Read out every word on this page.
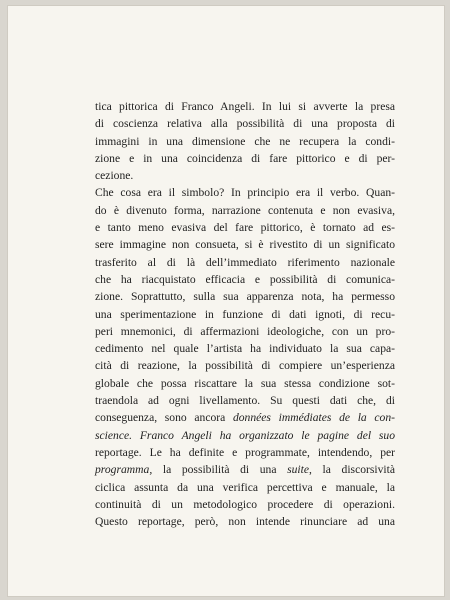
tica pittorica di Franco Angeli. In lui si avverte la presa
di coscienza relativa alla possibilità di una proposta di
immagini in una dimensione che ne recupera la condi-
zione e in una coincidenza di fare pittorico e di per-
cezione.
Che cosa era il simbolo? In principio era il verbo. Quan-
do è divenuto forma, narrazione contenuta e non evasiva,
e tanto meno evasiva del fare pittorico, è tornato ad es-
sere immagine non consueta, si è rivestito di un significato
trasferito al di là dell’immediato riferimento nazionale
che ha riacquistato efficacia e possibilità di comunica-
zione. Soprattutto, sulla sua apparenza nota, ha permesso
una sperimentazione in funzione di dati ignoti, di recu-
peri mnemonici, di affermazioni ideologiche, con un pro-
cedimento nel quale l’artista ha individuato la sua capa-
cità di reazione, la possibilità di compiere un’esperienza
globale che possa riscattare la sua stessa condizione sot-
traendola ad ogni livellamento. Su questi dati che, di
conseguenza, sono ancora données immédiates de la con-
science. Franco Angeli ha organizzato le pagine del suo
reportage. Le ha definite e programmate, intendendo, per
programma, la possibilità di una suite, la discorsività
ciclica assunta da una verifica percettiva e manuale, la
continuità di un metodologico procedere di operazioni.
Questo reportage, però, non intende rinunciare ad una
